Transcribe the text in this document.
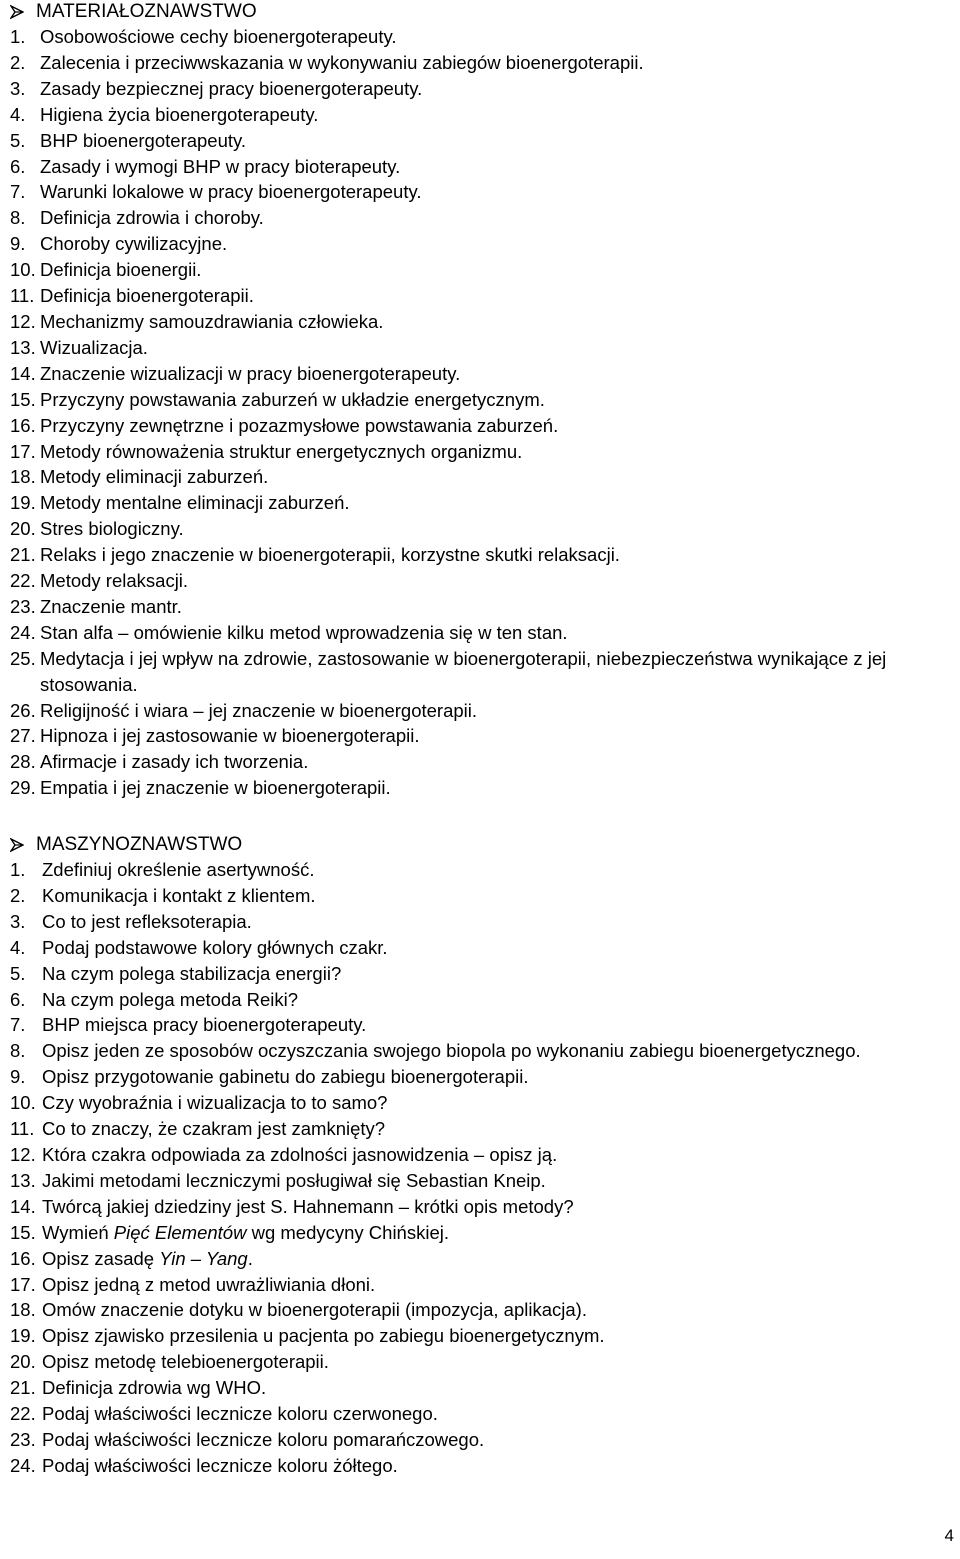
MATERIAŁOZNAWSTWO
1. Osobowościowe cechy bioenergoterapeuty.
2. Zalecenia i przeciwwskazania w wykonywaniu zabiegów bioenergoterapii.
3. Zasady bezpiecznej pracy bioenergoterapeuty.
4. Higiena życia bioenergoterapeuty.
5. BHP bioenergoterapeuty.
6. Zasady i wymogi BHP w pracy bioterapeuty.
7. Warunki lokalowe w pracy bioenergoterapeuty.
8. Definicja zdrowia i choroby.
9. Choroby cywilizacyjne.
10. Definicja bioenergii.
11. Definicja bioenergoterapii.
12. Mechanizmy samouzdrawiania człowieka.
13. Wizualizacja.
14. Znaczenie wizualizacji w pracy bioenergoterapeuty.
15. Przyczyny powstawania zaburzeń w układzie energetycznym.
16. Przyczyny zewnętrzne i pozazmysłowe powstawania zaburzeń.
17. Metody równoważenia struktur energetycznych organizmu.
18. Metody eliminacji zaburzeń.
19. Metody mentalne eliminacji zaburzeń.
20. Stres biologiczny.
21. Relaks i jego znaczenie w bioenergoterapii, korzystne skutki relaksacji.
22. Metody relaksacji.
23. Znaczenie mantr.
24. Stan alfa – omówienie kilku metod wprowadzenia się w ten stan.
25. Medytacja i jej wpływ na zdrowie, zastosowanie w bioenergoterapii, niebezpieczeństwa wynikające z jej stosowania.
26. Religijność i wiara – jej znaczenie w bioenergoterapii.
27. Hipnoza i jej zastosowanie w bioenergoterapii.
28. Afirmacje i zasady ich tworzenia.
29. Empatia i jej znaczenie w bioenergoterapii.
MASZYNOZNAWSTWO
1. Zdefiniuj określenie asertywność.
2. Komunikacja i kontakt z klientem.
3. Co to jest refleksoterapia.
4. Podaj podstawowe kolory głównych czakr.
5. Na czym polega stabilizacja energii?
6. Na czym polega metoda Reiki?
7. BHP miejsca pracy bioenergoterapeuty.
8. Opisz jeden ze sposobów oczyszczania swojego biopola po wykonaniu zabiegu bioenergetycznego.
9. Opisz przygotowanie gabinetu do zabiegu bioenergoterapii.
10. Czy wyobraźnia i wizualizacja to to samo?
11. Co to znaczy, że czakram jest zamknięty?
12. Która czakra odpowiada za zdolności jasnowidzenia – opisz ją.
13. Jakimi metodami leczniczymi posługiwał się Sebastian Kneip.
14. Twórcą jakiej dziedziny jest S. Hahnemann – krótki opis metody?
15. Wymień Pięć Elementów wg medycyny Chińskiej.
16. Opisz zasadę Yin – Yang.
17. Opisz jedną z metod uwrażliwiania dłoni.
18. Omów znaczenie dotyku w bioenergoterapii (impozycja, aplikacja).
19. Opisz zjawisko przesilenia u pacjenta po zabiegu bioenergetycznym.
20. Opisz metodę telebioenergoterapii.
21. Definicja zdrowia wg WHO.
22. Podaj właściwości lecznicze koloru czerwonego.
23. Podaj właściwości lecznicze koloru pomarańczowego.
24. Podaj właściwości lecznicze koloru żółtego.
4
